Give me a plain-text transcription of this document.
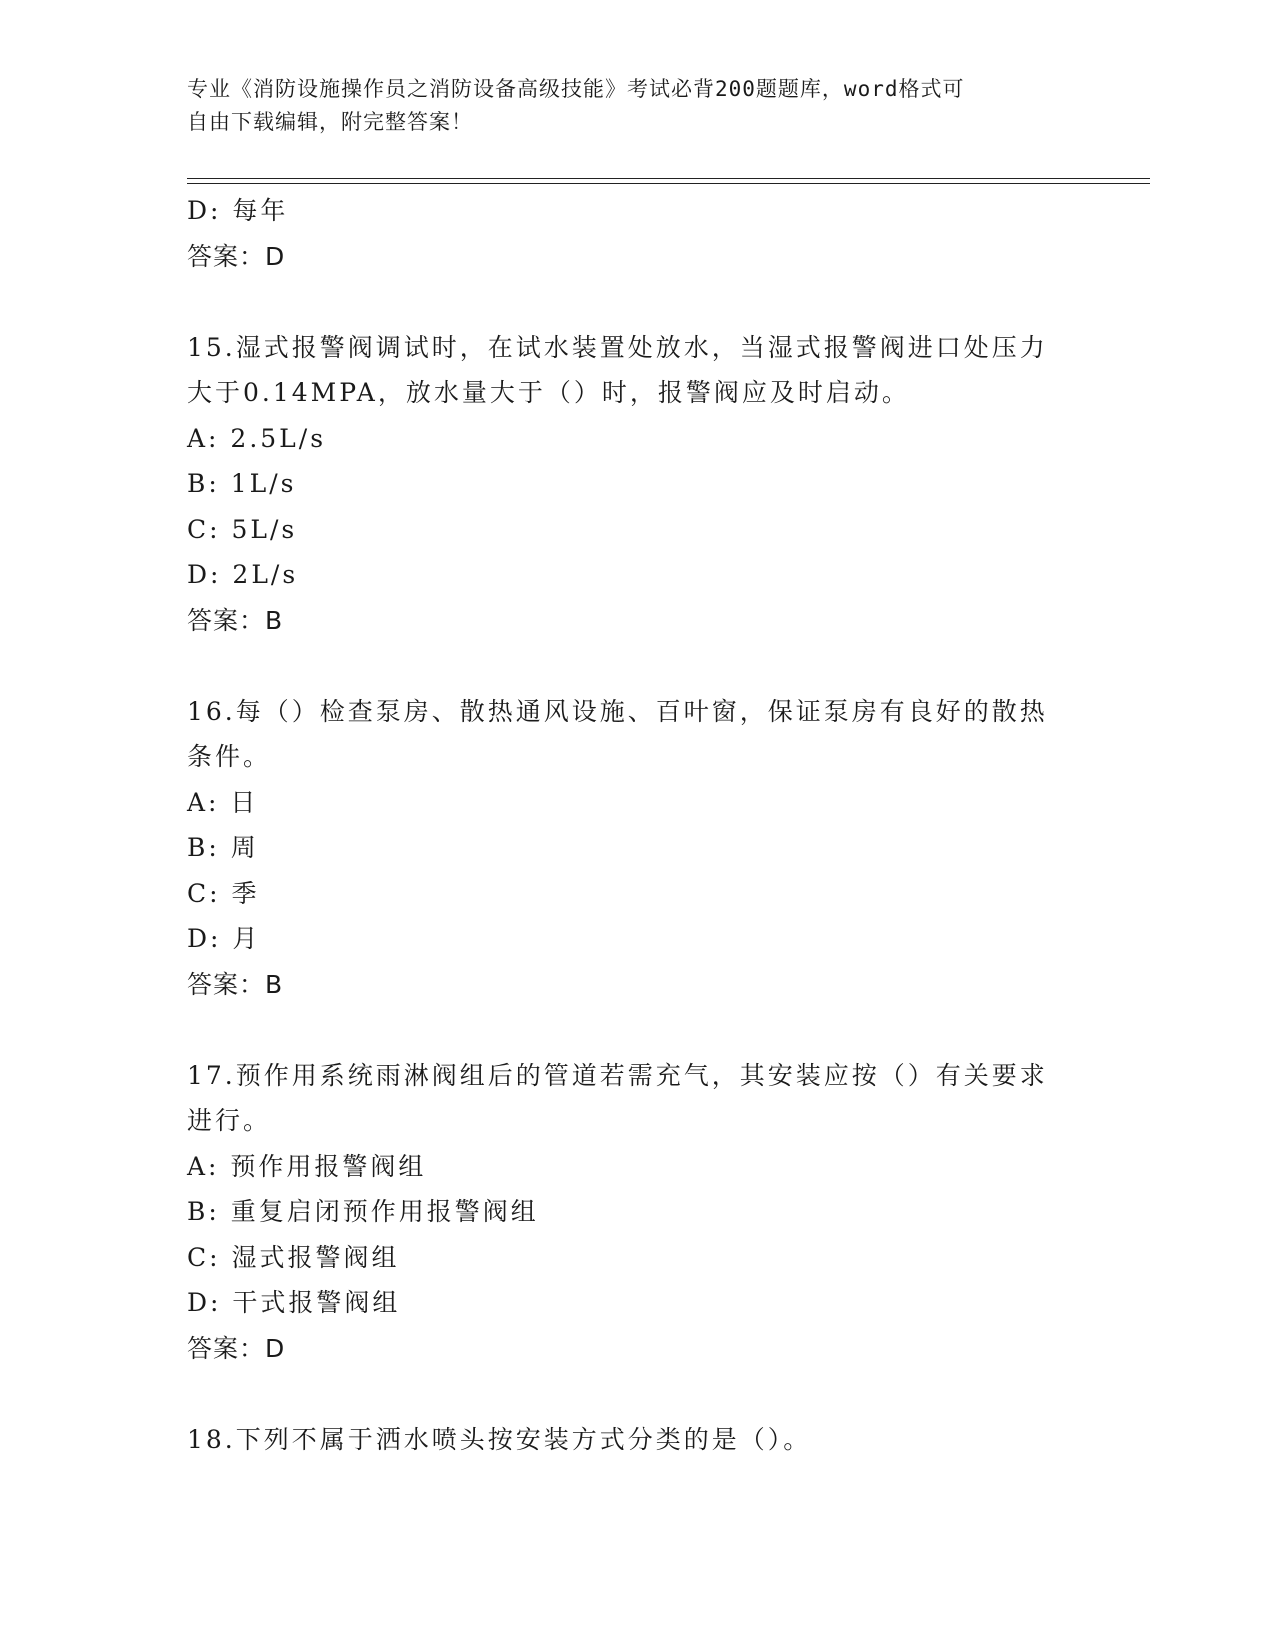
专业《消防设施操作员之消防设备高级技能》考试必背200题题库，word格式可
自由下载编辑，附完整答案！
D: 每年
答案：D
15.湿式报警阀调试时，在试水装置处放水，当湿式报警阀进口处压力
大于0.14MPA，放水量大于（）时，报警阀应及时启动。
A: 2.5L/s
B: 1L/s
C: 5L/s
D: 2L/s
答案：B
16.每（）检查泵房、散热通风设施、百叶窗，保证泵房有良好的散热
条件。
A: 日
B: 周
C: 季
D: 月
答案：B
17.预作用系统雨淋阀组后的管道若需充气，其安装应按（）有关要求
进行。
A: 预作用报警阀组
B: 重复启闭预作用报警阀组
C: 湿式报警阀组
D: 干式报警阀组
答案：D
18.下列不属于洒水喷头按安装方式分类的是（）。
